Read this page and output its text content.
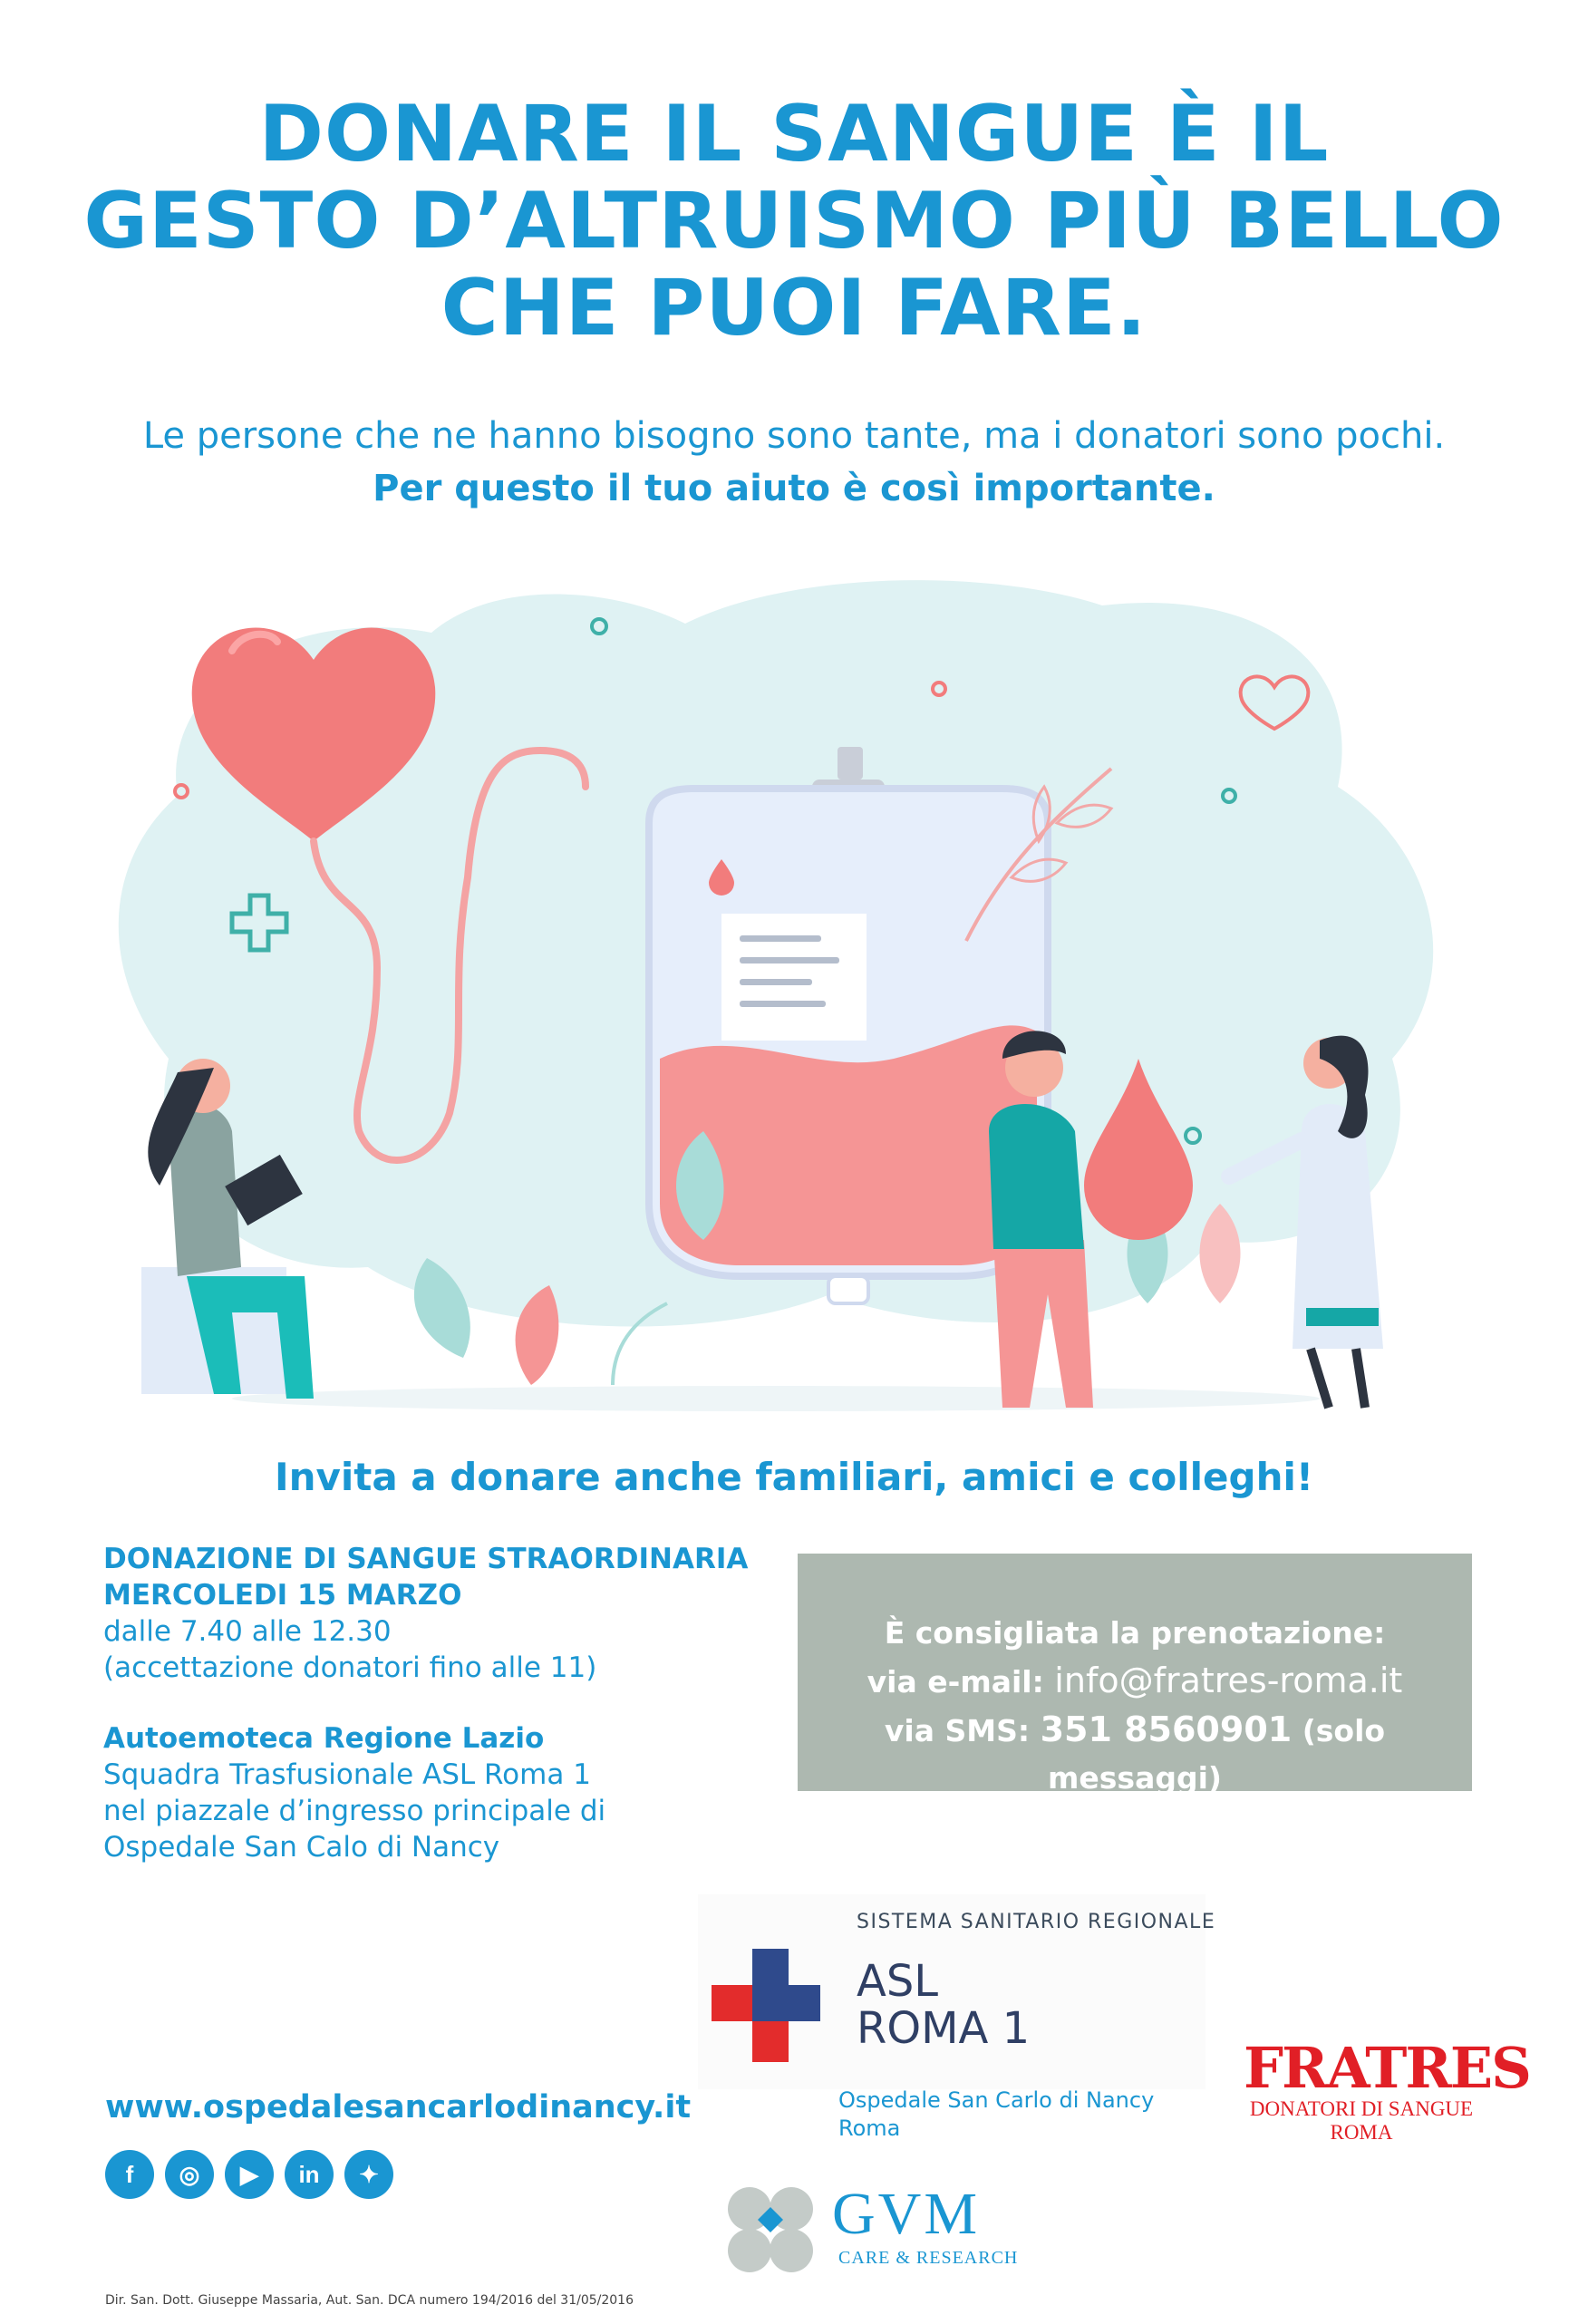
DONARE IL SANGUE È IL
GESTO D’ALTRUISMO PIÙ BELLO
CHE PUOI FARE.
Le persone che ne hanno bisogno sono tante, ma i donatori sono pochi.
Per questo il tuo aiuto è così importante.
Invita a donare anche familiari, amici e colleghi!
DONAZIONE DI SANGUE STRAORDINARIA
MERCOLEDI 15 MARZO
dalle 7.40 alle 12.30
(accettazione donatori fino alle 11)
Autoemoteca Regione Lazio
Squadra Trasfusionale ASL Roma 1
nel piazzale d’ingresso principale di
Ospedale San Calo di Nancy
È consigliata la prenotazione:
via e-mail: info@fratres-roma.it
via SMS: 351 8560901 (solo messaggi)
SISTEMA SANITARIO REGIONALE
ASL
ROMA 1
Ospedale San Carlo di Nancy
Roma
FRATRES
DONATORI DI SANGUE
ROMA
www.ospedalesancarlodinancy.it
f	◎	▶	in	✦
GVM
CARE & RESEARCH
Dir. San. Dott. Giuseppe Massaria, Aut. San. DCA numero 194/2016 del 31/05/2016
